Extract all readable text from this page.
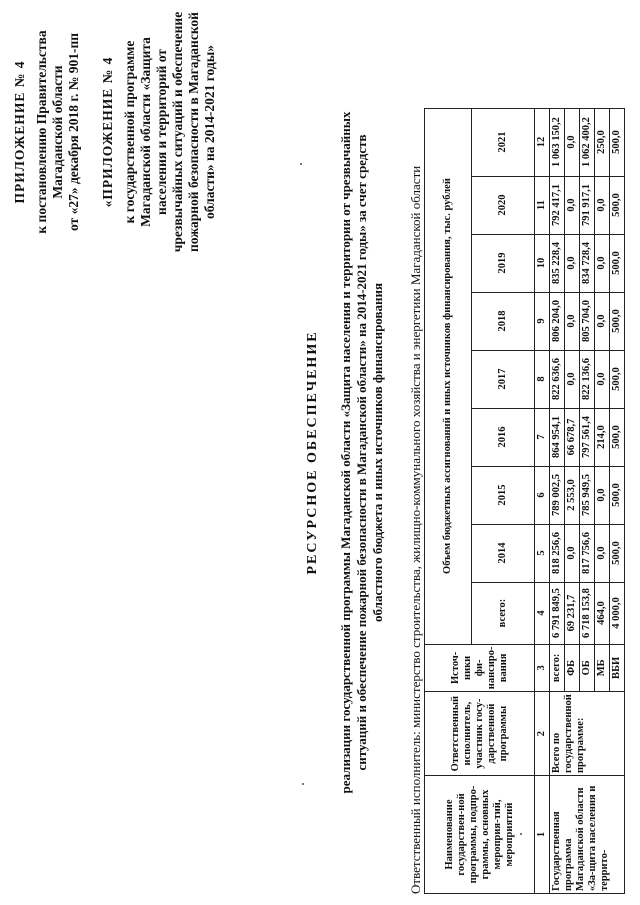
ПРИЛОЖЕНИЕ № 4 к постановлению Правительства Магаданской области от «27» декабря 2018 г. № 901-пп «ПРИЛОЖЕНИЕ № 4 к государственной программе Магаданской области «Защита населения и территорий от чрезвычайных ситуаций и обеспечение пожарной безопасности в Магаданской области» на 2014-2021 годы»
РЕСУРСНОЕ ОБЕСПЕЧЕНИЕ реализации государственной программы Магаданской области «Защита населения и территории от чрезвычайных ситуаций и обеспечение пожарной безопасности в Магаданской области» на 2014-2021 годы» за счет средств областного бюджета и иных источников финансирования Ответственный исполнитель: министерство строительства, жилищно-коммунального хозяйства и энергетики Магаданской области Наименование государствен-ной программы, подпро-граммы, основных мероприя-тий, мероприятий	Ответственный исполнитель, участник госу-дарственной программы	Источ-ники фи-нансиро-вания	Объем бюджетных ассигнований и иных источников финансирования, тыс. рублей								
			всего:	2014	2015	2016	2017	2018	2019	2020	2021
1	2	3	4	5	6	7	8	9	10	11	12
Государственная программа Магаданской области «За-щита населения и террито-	Всего по государственной программе:	всего:	6 791 849,5	818 256,6	789 002,5	864 954,1	822 636,6	806 204,0	835 228,4	792 417,1	1 063 150,2
		ФБ	69 231,7	0,0	2 553,0	66 678,7	0,0	0,0	0,0	0,0	0,0
		ОБ	6 718 153,8	817 756,6	785 949,5	797 561,4	822 136,6	805 704,0	834 728,4	791 917,1	1 062 400,2
		МБ	464,0	0,0	0,0	214,0	0,0	0,0	0,0	0,0	250,0
		ВБИ	4 000,0	500,0	500,0	500,0	500,0	500,0	500,0	500,0	500,0
